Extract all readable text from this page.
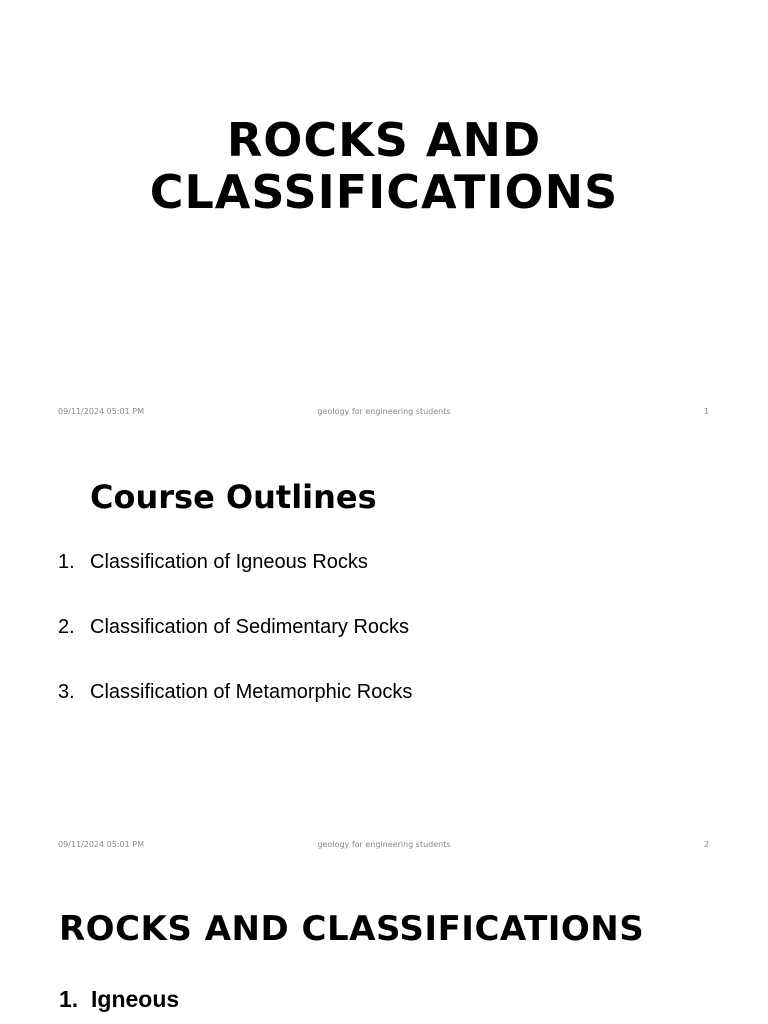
ROCKS AND
CLASSIFICATIONS
09/11/2024 05:01 PM	geology for engineering students	1
Course Outlines
1. Classification of Igneous Rocks
2. Classification of Sedimentary Rocks
3. Classification of Metamorphic Rocks
09/11/2024 05:01 PM	geology for engineering students	2
ROCKS AND CLASSIFICATIONS
1. Igneous
